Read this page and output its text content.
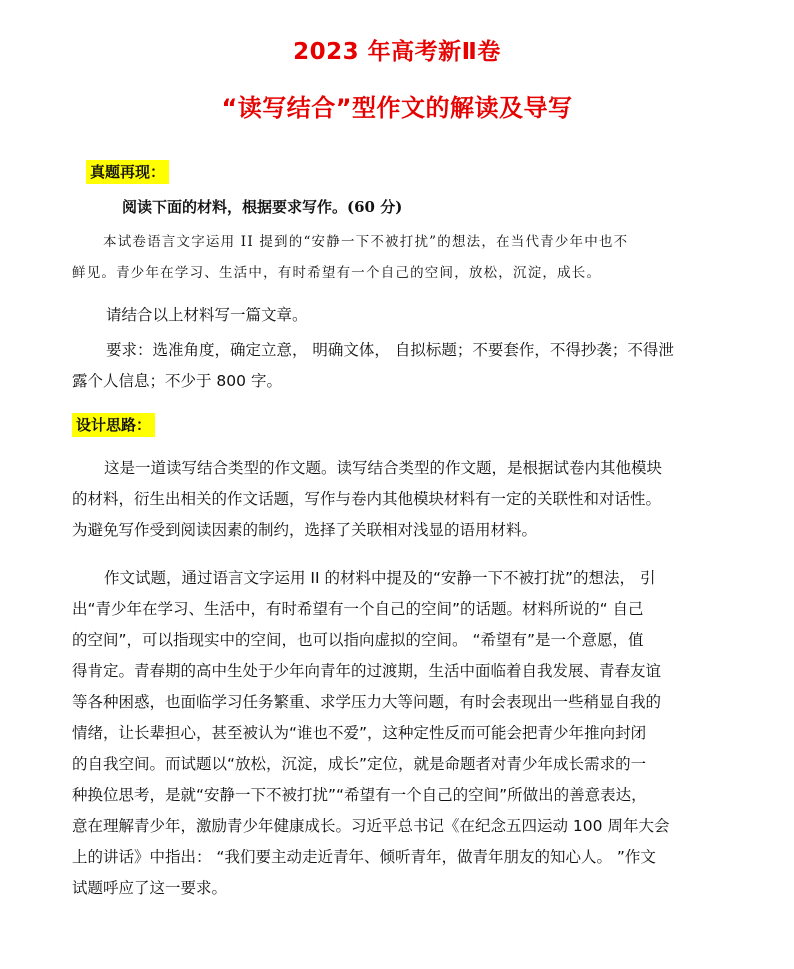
2023 年高考新Ⅱ卷
“读写结合”型作文的解读及导写
真题再现：

阅读下面的材料，根据要求写作。(60 分)

本试卷语言文字运用 II 提到的“安静一下不被打扰”的想法，在当代青少年中也不

鲜见。青少年在学习、生活中，有时希望有一个自己的空间，放松，沉淀，成长。

请结合以上材料写一篇文章。

要求：选准角度，确定立意， 明确文体， 自拟标题；不要套作，不得抄袭；不得泄

露个人信息；不少于 800 字。

设计思路：

这是一道读写结合类型的作文题。读写结合类型的作文题，是根据试卷内其他模块

的材料，衍生出相关的作文话题，写作与卷内其他模块材料有一定的关联性和对话性。

为避免写作受到阅读因素的制约，选择了关联相对浅显的语用材料。

作文试题，通过语言文字运用 II 的材料中提及的“安静一下不被打扰”的想法， 引

出“青少年在学习、生活中，有时希望有一个自己的空间”的话题。材料所说的“ 自己

的空间”，可以指现实中的空间，也可以指向虚拟的空间。 “希望有”是一个意愿，值

得肯定。青春期的高中生处于少年向青年的过渡期，生活中面临着自我发展、青春友谊

等各种困惑，也面临学习任务繁重、求学压力大等问题，有时会表现出一些稍显自我的

情绪，让长辈担心，甚至被认为“谁也不爱”，这种定性反而可能会把青少年推向封闭

的自我空间。而试题以“放松，沉淀，成长”定位，就是命题者对青少年成长需求的一

种换位思考，是就“安静一下不被打扰”“希望有一个自己的空间”所做出的善意表达，

意在理解青少年，激励青少年健康成长。习近平总书记《在纪念五四运动 100 周年大会

上的讲话》中指出： “我们要主动走近青年、倾听青年，做青年朋友的知心人。 ”作文

试题呼应了这一要求。
